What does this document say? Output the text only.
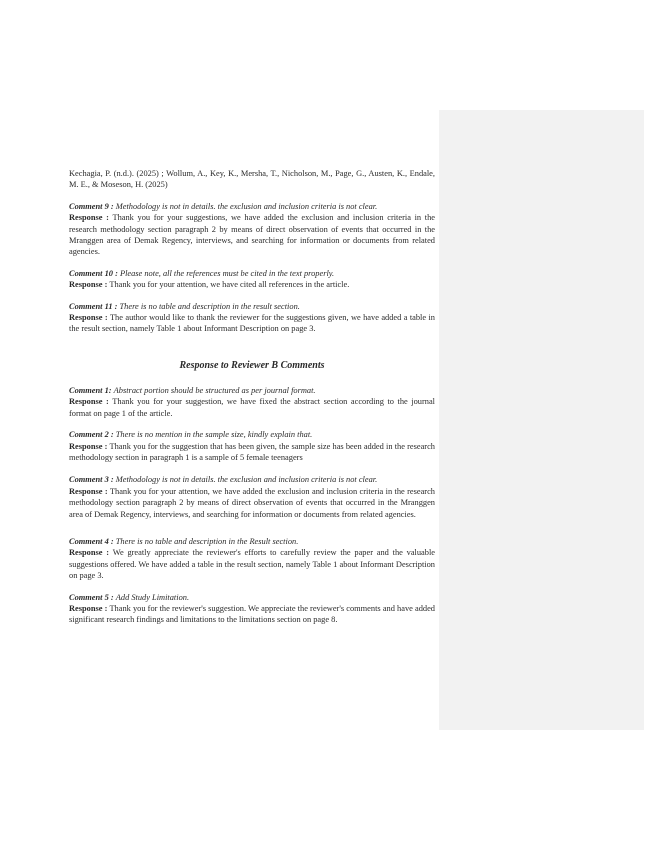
Kechagia, P. (n.d.). (2025) ; Wollum, A., Key, K., Mersha, T., Nicholson, M., Page, G., Austen, K., Endale, M. E., & Moseson, H. (2025)

Comment 9 : Methodology is not in details. the exclusion and inclusion criteria is not clear.

Response : Thank you for your suggestions, we have added the exclusion and inclusion criteria in the research methodology section paragraph 2 by means of direct observation of events that occurred in the Mranggen area of Demak Regency, interviews, and searching for information or documents from related agencies.

Comment 10 : Please note, all the references must be cited in the text properly.

Response : Thank you for your attention, we have cited all references in the article.

Comment 11 : There is no table and description in the result section.

Response : The author would like to thank the reviewer for the suggestions given, we have added a table in the result section, namely Table 1 about Informant Description on page 3.

Response to Reviewer B Comments

Comment 1: Abstract portion should be structured as per journal format.

Response : Thank you for your suggestion, we have fixed the abstract section according to the journal format on page 1 of the article.

Comment 2 : There is no mention in the sample size, kindly explain that.

Response : Thank you for the suggestion that has been given, the sample size has been added in the research methodology section in paragraph 1 is a sample of 5 female teenagers

Comment 3 : Methodology is not in details. the exclusion and inclusion criteria is not clear.

Response : Thank you for your attention, we have added the exclusion and inclusion criteria in the research methodology section paragraph 2 by means of direct observation of events that occurred in the Mranggen area of Demak Regency, interviews, and searching for information or documents from related agencies.

Comment 4 : There is no table and description in the Result section.

Response : We greatly appreciate the reviewer's efforts to carefully review the paper and the valuable suggestions offered. We have added a table in the result section, namely Table 1 about Informant Description on page 3.

Comment 5 : Add Study Limitation.

Response : Thank you for the reviewer's suggestion. We appreciate the reviewer's comments and have added significant research findings and limitations to the limitations section on page 8.
